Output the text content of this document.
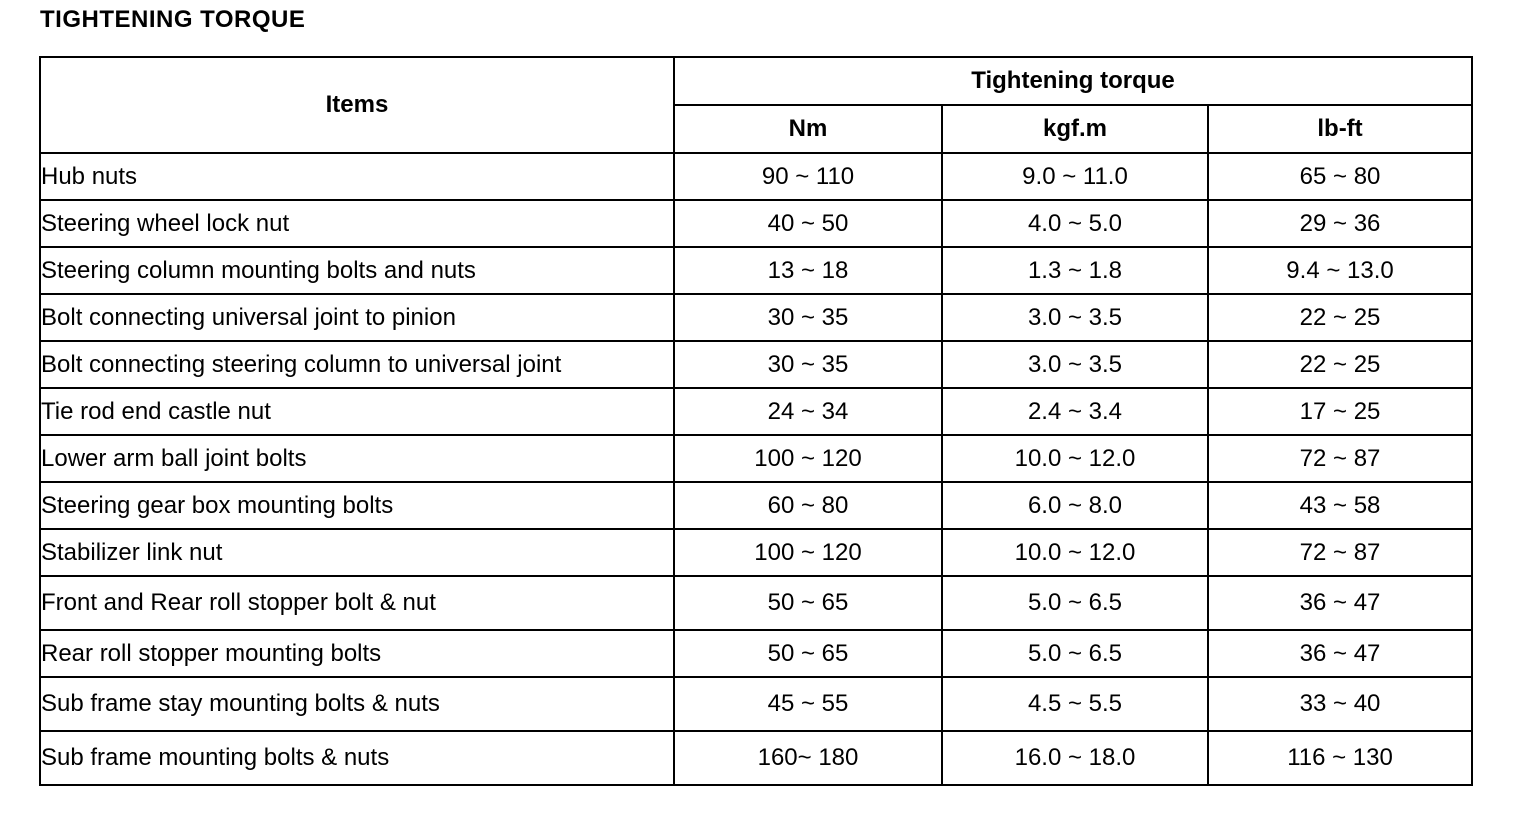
TIGHTENING TORQUE
Items	Tightening torque		
	Nm	kgf.m	lb-ft
Hub nuts	90 ~ 110	9.0 ~ 11.0	65 ~ 80
Steering wheel lock nut	40 ~ 50	4.0 ~ 5.0	29 ~ 36
Steering column mounting bolts and nuts	13 ~ 18	1.3 ~ 1.8	9.4 ~ 13.0
Bolt connecting universal joint to pinion	30 ~ 35	3.0 ~ 3.5	22 ~ 25
Bolt connecting steering column to universal joint	30 ~ 35	3.0 ~ 3.5	22 ~ 25
Tie rod end castle nut	24 ~ 34	2.4 ~ 3.4	17 ~ 25
Lower arm ball joint bolts	100 ~ 120	10.0 ~ 12.0	72 ~ 87
Steering gear box mounting bolts	60 ~ 80	6.0 ~ 8.0	43 ~ 58
Stabilizer link nut	100 ~ 120	10.0 ~ 12.0	72 ~ 87
Front and Rear roll stopper bolt & nut	50 ~ 65	5.0 ~ 6.5	36 ~ 47
Rear roll stopper mounting bolts	50 ~ 65	5.0 ~ 6.5	36 ~ 47
Sub frame stay mounting bolts & nuts	45 ~ 55	4.5 ~ 5.5	33 ~ 40
Sub frame mounting bolts & nuts	160~ 180	16.0 ~ 18.0	116 ~ 130
